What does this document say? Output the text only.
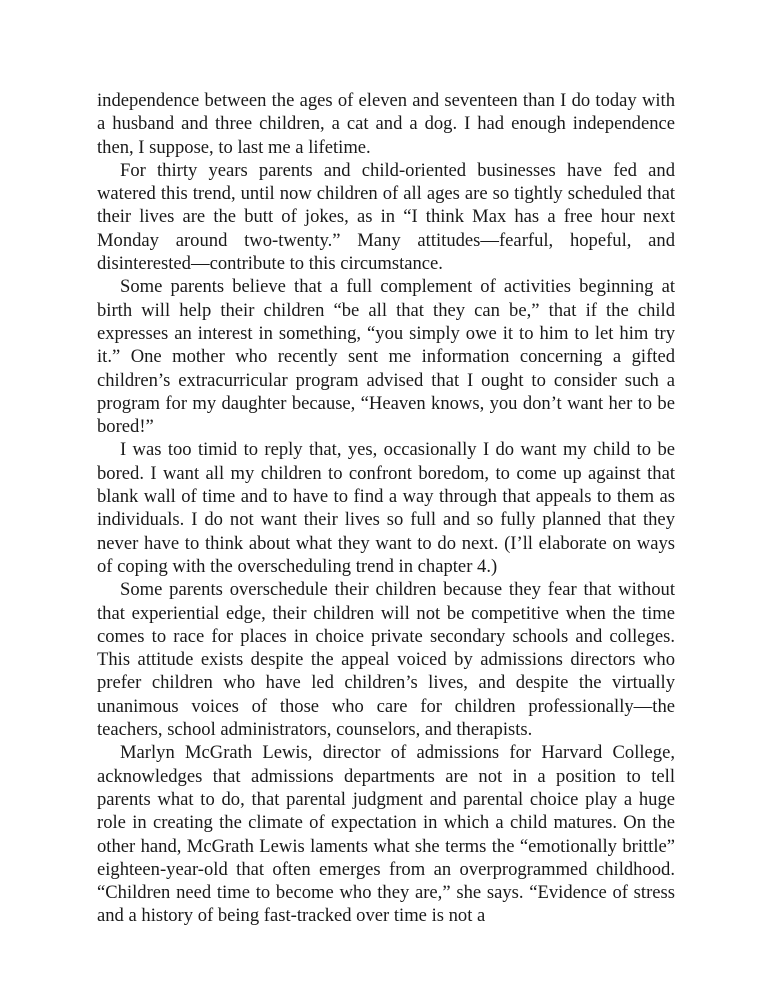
independence between the ages of eleven and seventeen than I do today with a husband and three children, a cat and a dog. I had enough independence then, I suppose, to last me a lifetime.

For thirty years parents and child-oriented businesses have fed and watered this trend, until now children of all ages are so tightly scheduled that their lives are the butt of jokes, as in “I think Max has a free hour next Monday around two-twenty.” Many attitudes—fearful, hopeful, and disinterested—contribute to this circumstance.

Some parents believe that a full complement of activities beginning at birth will help their children “be all that they can be,” that if the child expresses an interest in something, “you simply owe it to him to let him try it.” One mother who recently sent me information concerning a gifted children’s extracurricular program advised that I ought to consider such a program for my daughter because, “Heaven knows, you don’t want her to be bored!”

I was too timid to reply that, yes, occasionally I do want my child to be bored. I want all my children to confront boredom, to come up against that blank wall of time and to have to find a way through that appeals to them as individuals. I do not want their lives so full and so fully planned that they never have to think about what they want to do next. (I’ll elaborate on ways of coping with the overscheduling trend in chapter 4.)

Some parents overschedule their children because they fear that without that experiential edge, their children will not be competitive when the time comes to race for places in choice private secondary schools and colleges. This attitude exists despite the appeal voiced by admissions directors who prefer children who have led children’s lives, and despite the virtually unanimous voices of those who care for children professionally—the teachers, school administrators, counselors, and therapists.

Marlyn McGrath Lewis, director of admissions for Harvard College, acknowledges that admissions departments are not in a position to tell parents what to do, that parental judgment and parental choice play a huge role in creating the climate of expectation in which a child matures. On the other hand, McGrath Lewis laments what she terms the “emotionally brittle” eighteen-year-old that often emerges from an overprogrammed childhood. “Children need time to become who they are,” she says. “Evidence of stress and a history of being fast-tracked over time is not a
